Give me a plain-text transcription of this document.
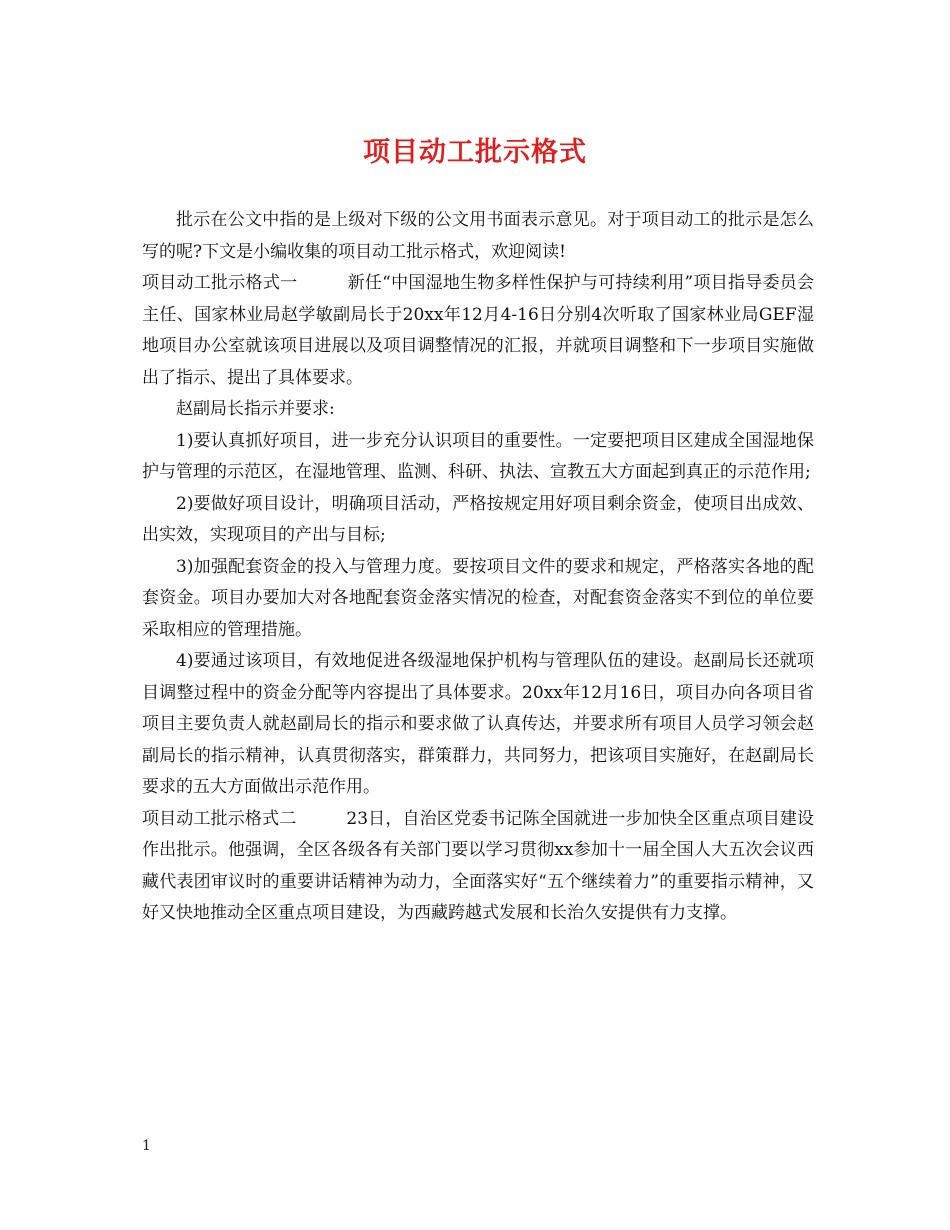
项目动工批示格式

批示在公文中指的是上级对下级的公文用书面表示意见。对于项目动工的批示是怎么写的呢?下文是小编收集的项目动工批示格式，欢迎阅读!

项目动工批示格式一	新任“中国湿地生物多样性保护与可持续利用”项目指导委员会主任、国家林业局赵学敏副局长于20xx年12月4-16日分别4次听取了国家林业局GEF湿地项目办公室就该项目进展以及项目调整情况的汇报，并就项目调整和下一步项目实施做出了指示、提出了具体要求。

赵副局长指示并要求:

1)要认真抓好项目，进一步充分认识项目的重要性。一定要把项目区建成全国湿地保护与管理的示范区，在湿地管理、监测、科研、执法、宣教五大方面起到真正的示范作用;

2)要做好项目设计，明确项目活动，严格按规定用好项目剩余资金，使项目出成效、出实效，实现项目的产出与目标;

3)加强配套资金的投入与管理力度。要按项目文件的要求和规定，严格落实各地的配套资金。项目办要加大对各地配套资金落实情况的检查，对配套资金落实不到位的单位要采取相应的管理措施。

4)要通过该项目，有效地促进各级湿地保护机构与管理队伍的建设。赵副局长还就项目调整过程中的资金分配等内容提出了具体要求。20xx年12月16日，项目办向各项目省项目主要负责人就赵副局长的指示和要求做了认真传达，并要求所有项目人员学习领会赵副局长的指示精神，认真贯彻落实，群策群力，共同努力，把该项目实施好，在赵副局长要求的五大方面做出示范作用。

项目动工批示格式二	23日，自治区党委书记陈全国就进一步加快全区重点项目建设作出批示。他强调，全区各级各有关部门要以学习贯彻xx参加十一届全国人大五次会议西藏代表团审议时的重要讲话精神为动力，全面落实好“五个继续着力”的重要指示精神，又好又快地推动全区重点项目建设，为西藏跨越式发展和长治久安提供有力支撑。

1
